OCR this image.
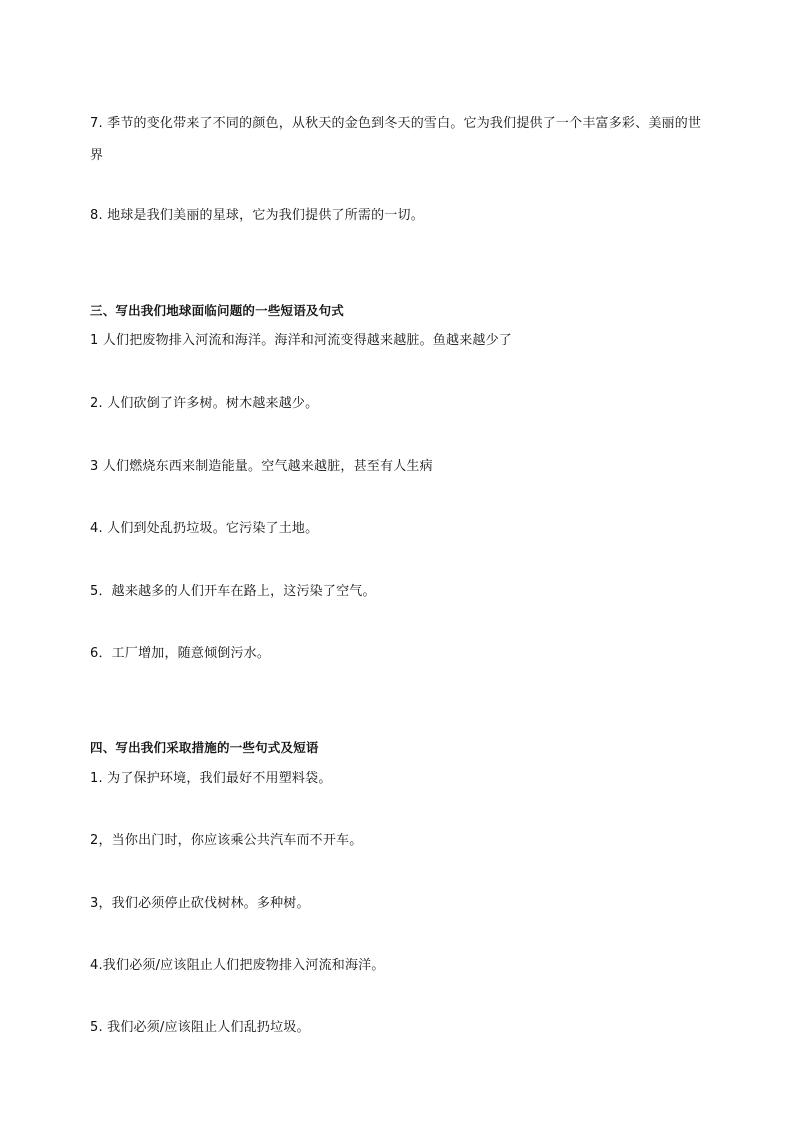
7. 季节的变化带来了不同的颜色，从秋天的金色到冬天的雪白。它为我们提供了一个丰富多彩、美丽的世界
8. 地球是我们美丽的星球，它为我们提供了所需的一切。
三、写出我们地球面临问题的一些短语及句式
1 人们把废物排入河流和海洋。海洋和河流变得越来越脏。鱼越来越少了
2. 人们砍倒了许多树。树木越来越少。
3 人们燃烧东西来制造能量。空气越来越脏，甚至有人生病
4. 人们到处乱扔垃圾。它污染了土地。
5．越来越多的人们开车在路上，这污染了空气。
6．工厂增加，随意倾倒污水。
四、写出我们采取措施的一些句式及短语
1. 为了保护环境，我们最好不用塑料袋。
2，当你出门时，你应该乘公共汽车而不开车。
3，我们必须停止砍伐树林。多种树。
4.我们必须/应该阻止人们把废物排入河流和海洋。
5. 我们必须/应该阻止人们乱扔垃圾。
